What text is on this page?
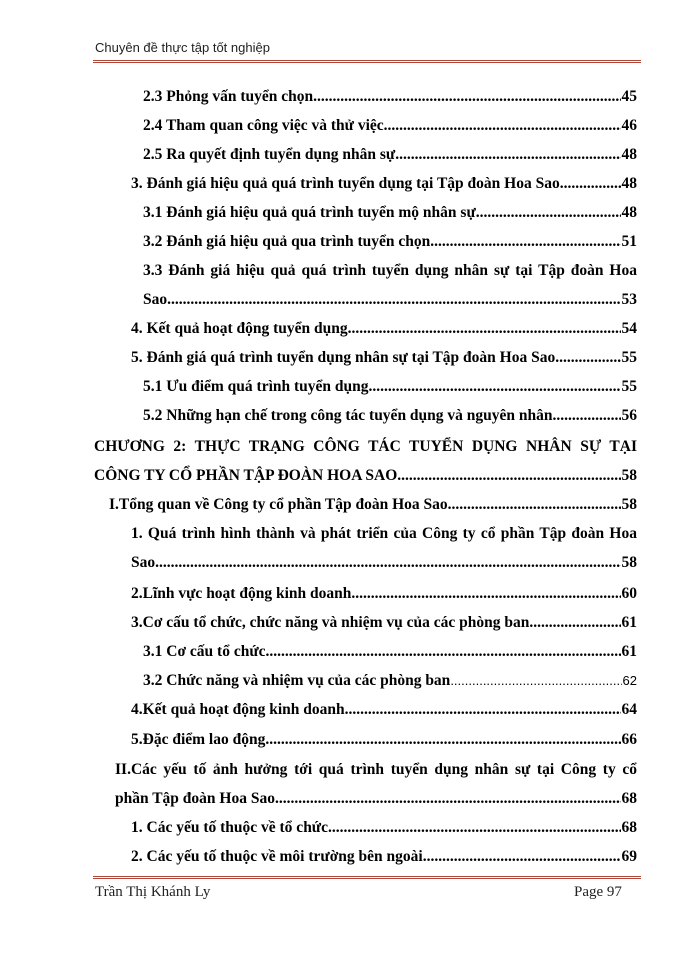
Chuyên đề thực tập tốt nghiệp
2.3 Phỏng vấn tuyển chọn .....	45
2.4 Tham quan công việc và thử việc .....	46
2.5 Ra quyết định tuyển dụng nhân sự .....	48
3. Đánh giá hiệu quả quá trình tuyển dụng tại Tập đoàn Hoa Sao .....	48
3.1 Đánh giá hiệu quả quá trình tuyển mộ nhân sự .....	48
3.2 Đánh giá hiệu quả qua trình tuyển chọn .....	51
3.3 Đánh giá hiệu quả quá trình tuyển dụng nhân sự tại Tập đoàn Hoa
Sao .....	53
4. Kết quả hoạt động tuyển dụng .....	54
5. Đánh giá quá trình tuyển dụng nhân sự tại Tập đoàn Hoa Sao .....	55
5.1 Ưu điểm quá trình tuyển dụng .....	55
5.2 Những hạn chế trong công tác tuyển dụng và nguyên nhân .....	56
CHƯƠNG 2: THỰC TRẠNG CÔNG TÁC TUYỂN DỤNG NHÂN SỰ TẠI
CÔNG TY CỔ PHẦN TẬP ĐOÀN HOA SAO .....	58
I.Tổng quan về Công ty cổ phần Tập đoàn Hoa Sao .....	58
1. Quá trình hình thành và phát triển của Công ty cổ phần Tập đoàn Hoa
Sao .....	58
2.Lĩnh vực hoạt động kinh doanh .....	60
3.Cơ cấu tổ chức, chức năng và nhiệm vụ của các phòng ban .....	61
3.1 Cơ cấu tổ chức .....	61
3.2 Chức năng và nhiệm vụ của các phòng ban .....	62
4.Kết quả hoạt động kinh doanh .....	64
5.Đặc điểm lao động .....	66
II.Các yếu tố ảnh hưởng tới quá trình tuyển dụng nhân sự tại Công ty cổ
phần Tập đoàn Hoa Sao .....	68
1. Các yếu tố thuộc về tổ chức .....	68
2. Các yếu tố thuộc về môi trường bên ngoài .....	69
Trần Thị Khánh Ly	Page 97
